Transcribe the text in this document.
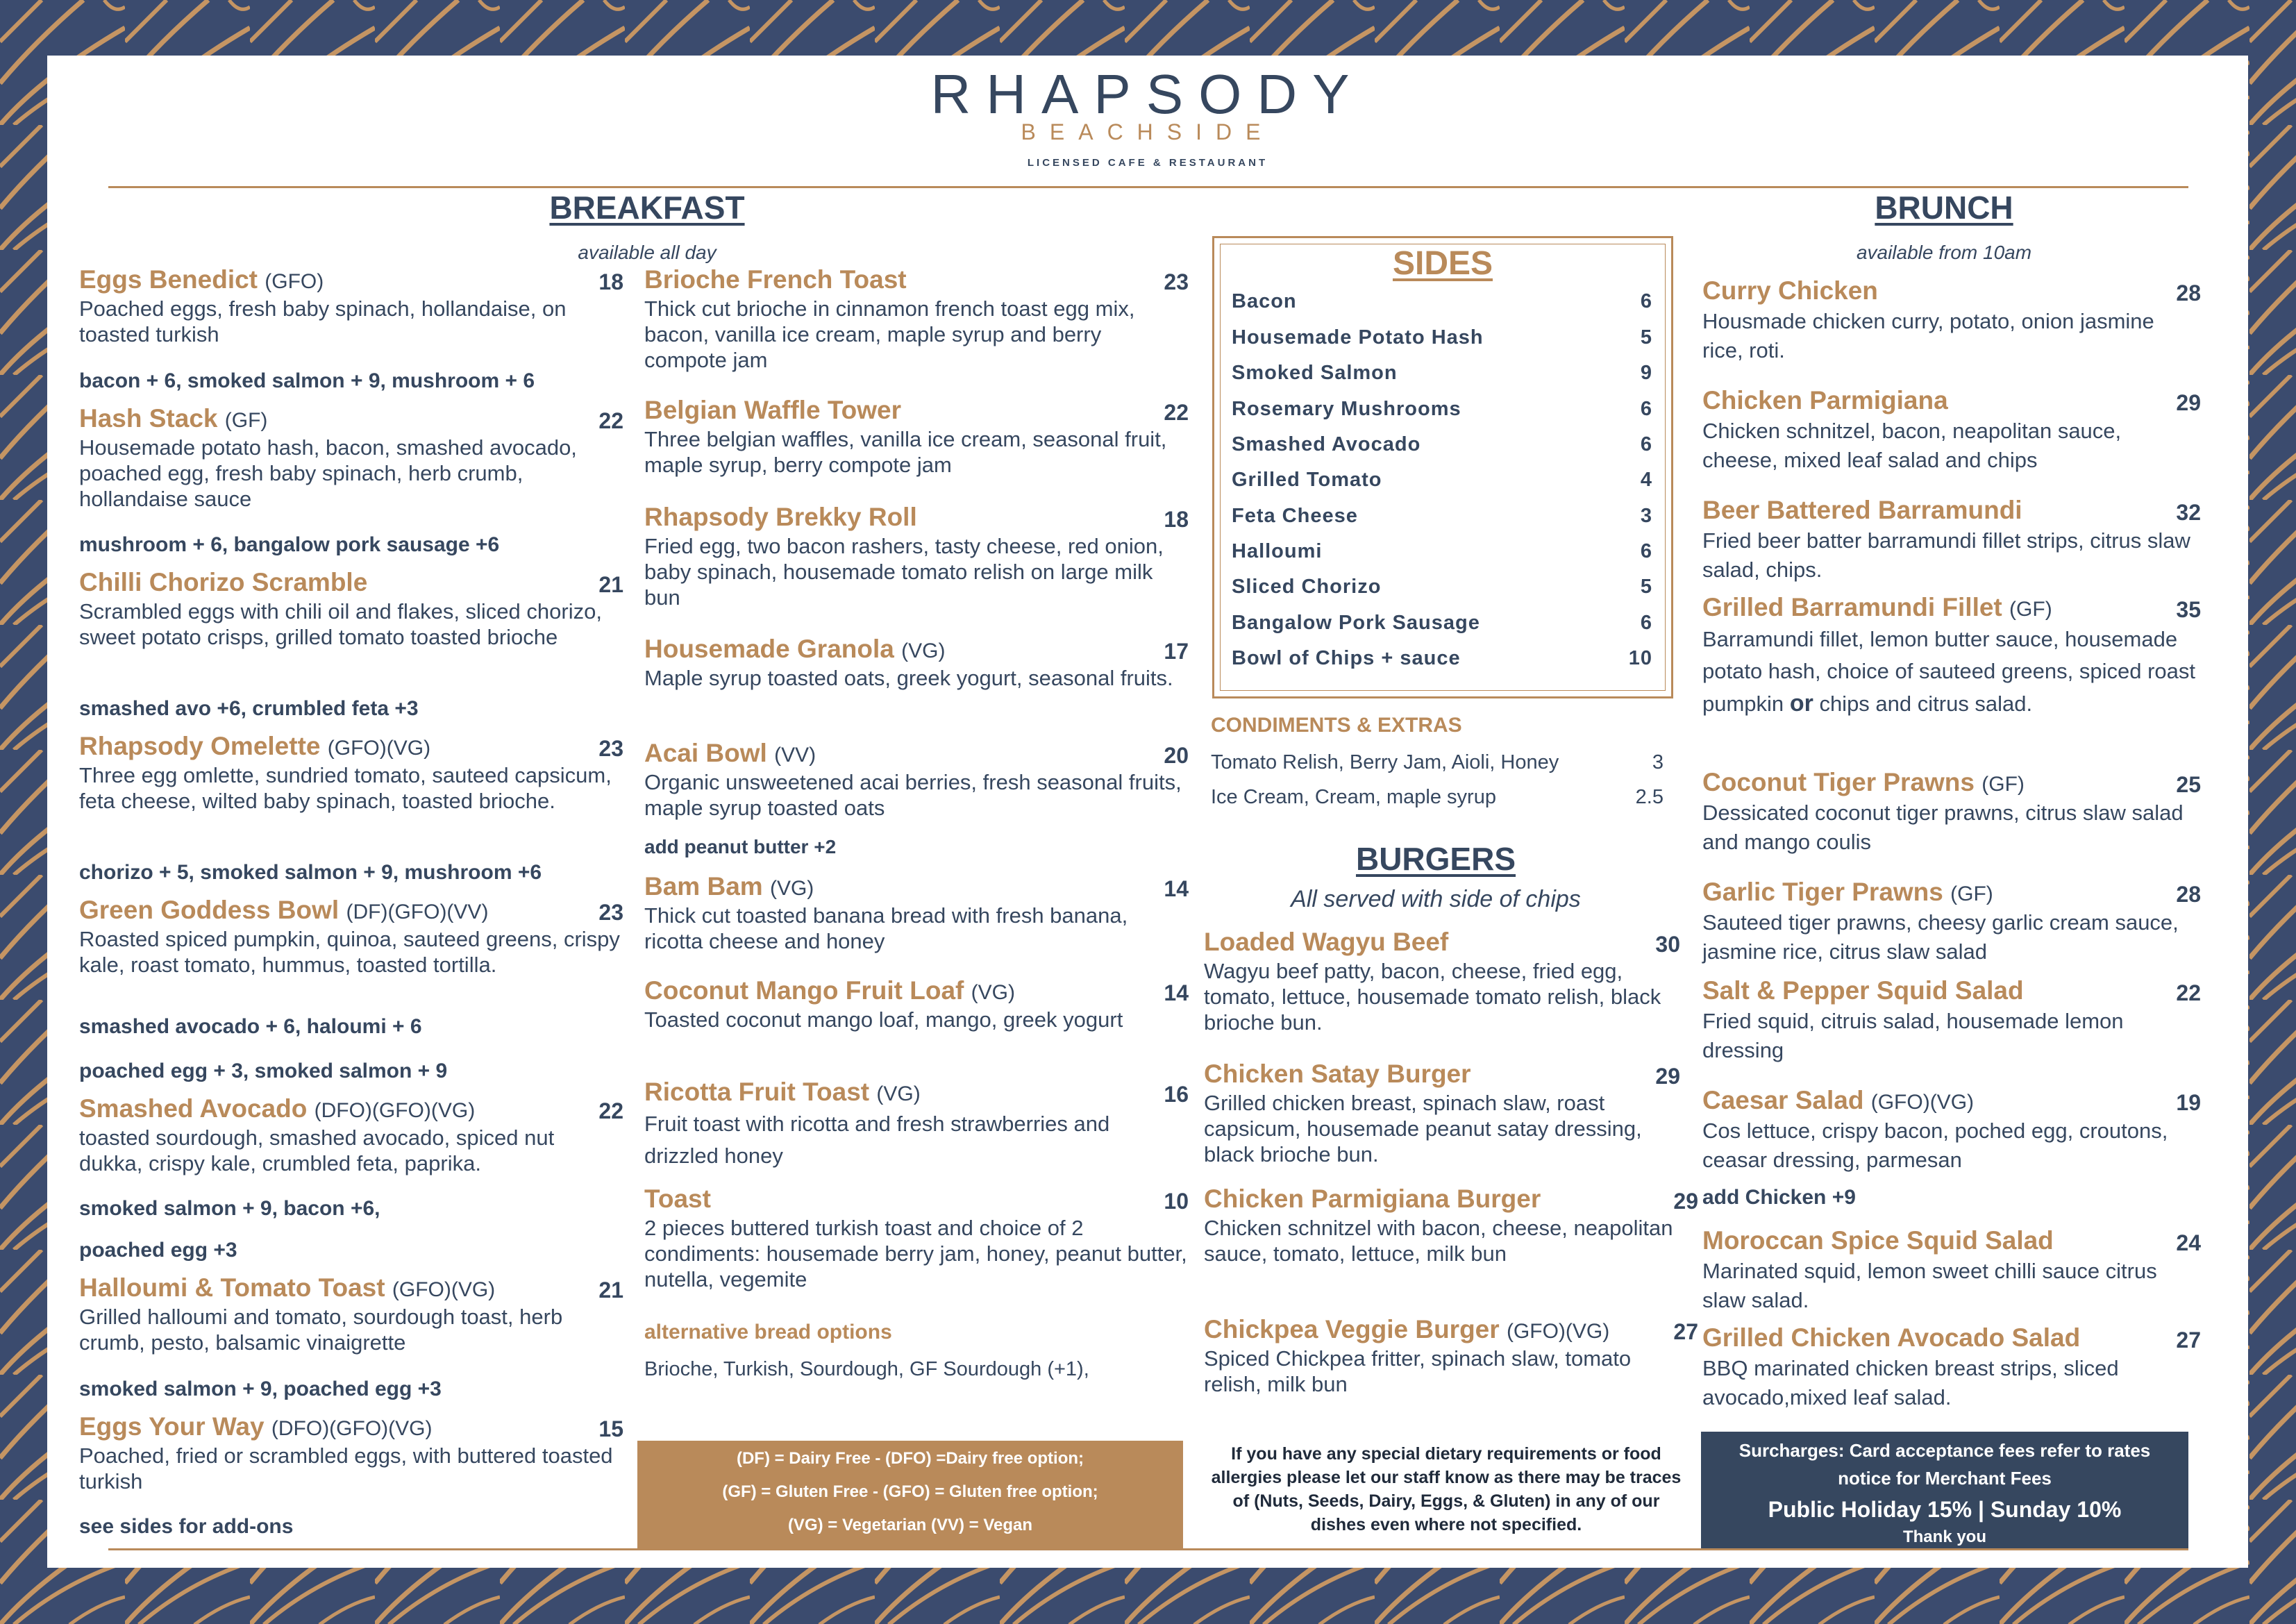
RHAPSODY
BEACHSIDE
LICENSED CAFE & RESTAURANT
BREAKFAST
available all day
Eggs Benedict (GFO)	18
Poached eggs, fresh baby spinach, hollandaise, on toasted turkish
bacon + 6, smoked salmon + 9, mushroom + 6
Hash Stack (GF)	22
Housemade potato hash, bacon, smashed avocado, poached egg, fresh baby spinach, herb crumb, hollandaise sauce
mushroom + 6, bangalow pork sausage +6
Chilli Chorizo Scramble	21
Scrambled eggs with chili oil and flakes, sliced chorizo, sweet potato crisps, grilled tomato toasted brioche
smashed avo +6, crumbled feta +3
Rhapsody Omelette (GFO)(VG)	23
Three egg omlette, sundried tomato, sauteed capsicum, feta cheese, wilted baby spinach, toasted brioche.
chorizo + 5, smoked salmon + 9, mushroom +6
Green Goddess Bowl (DF)(GFO)(VV)	23
Roasted spiced pumpkin, quinoa, sauteed greens, crispy kale, roast tomato, hummus, toasted tortilla.
smashed avocado + 6, haloumi + 6
poached egg + 3, smoked salmon + 9
Smashed Avocado (DFO)(GFO)(VG)	22
toasted sourdough, smashed avocado, spiced nut dukka, crispy kale, crumbled feta, paprika.
smoked salmon + 9, bacon +6,
poached egg +3
Halloumi & Tomato Toast (GFO)(VG)	21
Grilled halloumi and tomato, sourdough toast, herb crumb, pesto, balsamic vinaigrette
smoked salmon + 9, poached egg +3
Eggs Your Way (DFO)(GFO)(VG)	15
Poached, fried or scrambled eggs, with buttered toasted turkish
see sides for add-ons
Brioche French Toast	23
Thick cut brioche in cinnamon french toast egg mix, bacon, vanilla ice cream, maple syrup and berry compote jam
Belgian Waffle Tower	22
Three belgian waffles, vanilla ice cream, seasonal fruit, maple syrup, berry compote jam
Rhapsody Brekky Roll	18
Fried egg, two bacon rashers, tasty cheese, red onion, baby spinach, housemade tomato relish on large milk bun
Housemade Granola (VG)	17
Maple syrup toasted oats, greek yogurt, seasonal fruits.
Acai Bowl (VV)	20
Organic unsweetened acai berries, fresh seasonal fruits, maple syrup toasted oats
add peanut butter +2
Bam Bam (VG)	14
Thick cut toasted banana bread with fresh banana, ricotta cheese and honey
Coconut Mango Fruit Loaf (VG)	14
Toasted coconut mango loaf, mango, greek yogurt
Ricotta Fruit Toast (VG)	16
Fruit toast with ricotta and fresh strawberries and drizzled honey
Toast	10
2 pieces buttered turkish toast and choice of 2 condiments: housemade berry jam, honey, peanut butter, nutella, vegemite
alternative bread options
Brioche, Turkish, Sourdough, GF Sourdough (+1),
SIDES
Bacon	6
Housemade Potato Hash	5
Smoked Salmon	9
Rosemary Mushrooms	6
Smashed Avocado	6
Grilled Tomato	4
Feta Cheese	3
Halloumi	6
Sliced Chorizo	5
Bangalow Pork Sausage	6
Bowl of Chips + sauce	10
CONDIMENTS & EXTRAS
Tomato Relish, Berry Jam, Aioli, Honey	3
Ice Cream, Cream, maple syrup	2.5
BURGERS
All served with side of chips
Loaded Wagyu Beef	30
Wagyu beef patty, bacon, cheese, fried egg, tomato, lettuce, housemade tomato relish, black brioche bun.
Chicken Satay Burger	29
Grilled chicken breast, spinach slaw, roast capsicum, housemade peanut satay dressing, black brioche bun.
Chicken Parmigiana Burger	29
Chicken schnitzel with bacon, cheese, neapolitan sauce, tomato, lettuce, milk bun
Chickpea Veggie Burger (GFO)(VG)	27
Spiced Chickpea fritter, spinach slaw, tomato relish, milk bun
BRUNCH
available from 10am
Curry Chicken	28
Housmade chicken curry, potato, onion jasmine rice, roti.
Chicken Parmigiana	29
Chicken schnitzel, bacon, neapolitan sauce, cheese, mixed leaf salad and chips
Beer Battered Barramundi	32
Fried beer batter barramundi fillet strips, citrus slaw salad, chips.
Grilled Barramundi Fillet (GF)	35
Barramundi fillet, lemon butter sauce, housemade potato hash, choice of sauteed greens, spiced roast pumpkin or chips and citrus salad.
Coconut Tiger Prawns (GF)	25
Dessicated coconut tiger prawns, citrus slaw salad and mango coulis
Garlic Tiger Prawns (GF)	28
Sauteed tiger prawns, cheesy garlic cream sauce, jasmine rice, citrus slaw salad
Salt & Pepper Squid Salad	22
Fried squid, citruis salad, housemade lemon dressing
Caesar Salad (GFO)(VG)	19
Cos lettuce, crispy bacon, poched egg, croutons, ceasar dressing, parmesan
add Chicken +9
Moroccan Spice Squid Salad	24
Marinated squid, lemon sweet chilli sauce citrus slaw salad.
Grilled Chicken Avocado Salad	27
BBQ marinated chicken breast strips, sliced avocado,mixed leaf salad.
(DF) = Dairy Free - (DFO) =Dairy free option;
(GF) = Gluten Free - (GFO) = Gluten free option;
(VG) = Vegetarian (VV) = Vegan
If you have any special dietary requirements or food allergies please let our staff know as there may be traces of (Nuts, Seeds, Dairy, Eggs, & Gluten) in any of our dishes even where not specified.
Surcharges: Card acceptance fees refer to rates
notice for Merchant Fees
Public Holiday 15% | Sunday 10%
Thank you
